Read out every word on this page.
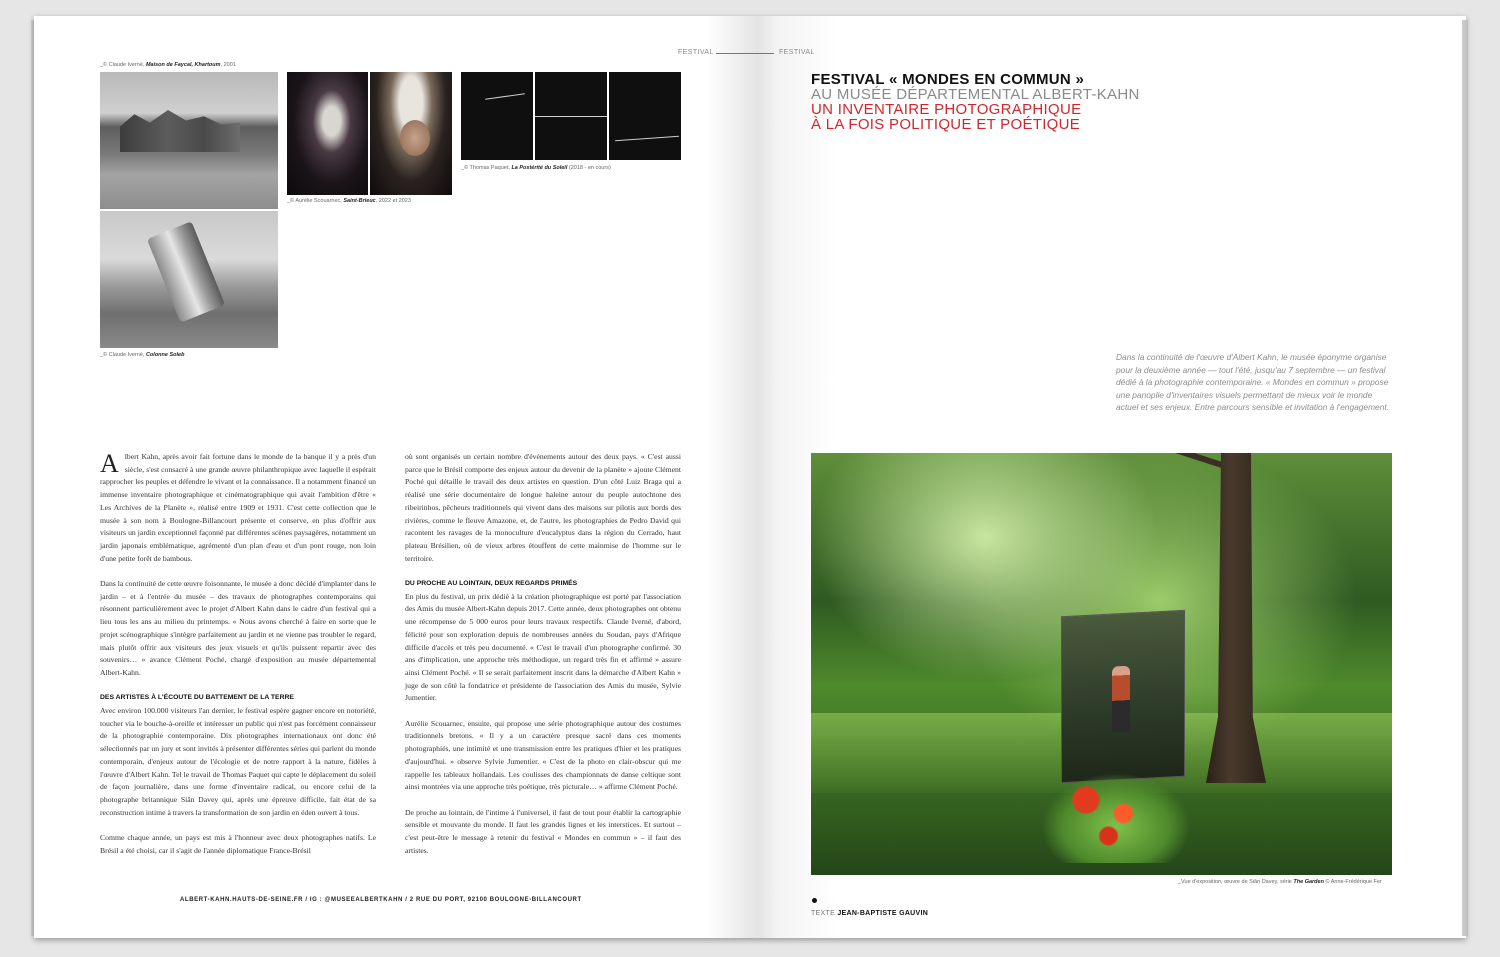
FESTIVAL	FESTIVAL
_© Claude Iverné, Maison de Faycal, Khartoum, 2001
_© Claude Iverné, Colonne Soleb
_© Aurélie Scouarnec, Saint-Brieuc, 2022 et 2023
_© Thomas Paquet, La Postérité du Soleil (2018 - en cours)
FESTIVAL « MONDES EN COMMUN »
AU MUSÉE DÉPARTEMENTAL ALBERT-KAHN
UN INVENTAIRE PHOTOGRAPHIQUE
À LA FOIS POLITIQUE ET POÉTIQUE
Dans la continuité de l'œuvre d'Albert Kahn, le musée éponyme organise pour la deuxième année — tout l'été, jusqu'au 7 septembre — un festival dédié à la photographie contemporaine. « Mondes en commun » propose une panoplie d'inventaires visuels permettant de mieux voir le monde actuel et ses enjeux. Entre parcours sensible et invitation à l'engagement.

Albert Kahn, après avoir fait fortune dans le monde de la banque il y a près d'un siècle, s'est consacré à une grande œuvre philanthropique avec laquelle il espérait rapprocher les peuples et défendre le vivant et la connaissance. Il a notamment financé un immense inventaire photographique et cinématographique qui avait l'ambition d'être « Les Archives de la Planète », réalisé entre 1909 et 1931. C'est cette collection que le musée à son nom à Boulogne-Billancourt présente et conserve, en plus d'offrir aux visiteurs un jardin exceptionnel façonné par différentes scènes paysagères, notamment un jardin japonais emblématique, agrémenté d'un plan d'eau et d'un pont rouge, non loin d'une petite forêt de bambous.

Dans la continuité de cette œuvre foisonnante, le musée a donc décidé d'implanter dans le jardin – et à l'entrée du musée – des travaux de photographes contemporains qui résonnent particulièrement avec le projet d'Albert Kahn dans le cadre d'un festival qui a lieu tous les ans au milieu du printemps. « Nous avons cherché à faire en sorte que le projet scénographique s'intègre parfaitement au jardin et ne vienne pas troubler le regard, mais plutôt offrir aux visiteurs des jeux visuels et qu'ils puissent repartir avec des souvenirs… » avance Clément Poché, chargé d'exposition au musée départemental Albert-Kahn.

DES ARTISTES À L'ÉCOUTE DU BATTEMENT DE LA TERRE

Avec environ 100.000 visiteurs l'an dernier, le festival espère gagner encore en notoriété, toucher via le bouche-à-oreille et intéresser un public qui n'est pas forcément connaisseur de la photographie contemporaine. Dix photographes internationaux ont donc été sélectionnés par un jury et sont invités à présenter différentes séries qui parlent du monde contemporain, d'enjeux autour de l'écologie et de notre rapport à la nature, fidèles à l'œuvre d'Albert Kahn. Tel le travail de Thomas Paquet qui capte le déplacement du soleil de façon journalière, dans une forme d'inventaire radical, ou encore celui de la photographe britannique Siân Davey qui, après une épreuve difficile, fait état de sa reconstruction intime à travers la transformation de son jardin en éden ouvert à tous.

Comme chaque année, un pays est mis à l'honneur avec deux photographes natifs. Le Brésil a été choisi, car il s'agit de l'année diplomatique France-Brésil

où sont organisés un certain nombre d'événements autour des deux pays. « C'est aussi parce que le Brésil comporte des enjeux autour du devenir de la planète » ajoute Clément Poché qui détaille le travail des deux artistes en question. D'un côté Luiz Braga qui a réalisé une série documentaire de longue haleine autour du peuple autochtone des ribeirinhos, pêcheurs traditionnels qui vivent dans des maisons sur pilotis aux bords des rivières, comme le fleuve Amazone, et, de l'autre, les photographies de Pedro David qui racontent les ravages de la monoculture d'eucalyptus dans la région du Cerrado, haut plateau Brésilien, où de vieux arbres étouffent de cette mainmise de l'homme sur le territoire.

DU PROCHE AU LOINTAIN, DEUX REGARDS PRIMÉS

En plus du festival, un prix dédié à la création photographique est porté par l'association des Amis du musée Albert-Kahn depuis 2017. Cette année, deux photographes ont obtenu une récompense de 5 000 euros pour leurs travaux respectifs. Claude Iverné, d'abord, félicité pour son exploration depuis de nombreuses années du Soudan, pays d'Afrique difficile d'accès et très peu documenté. « C'est le travail d'un photographe confirmé. 30 ans d'implication, une approche très méthodique, un regard très fin et affirmé » assure ainsi Clément Poché. « Il se serait parfaitement inscrit dans la démarche d'Albert Kahn » juge de son côté la fondatrice et présidente de l'association des Amis du musée, Sylvie Jumentier.

Aurélie Scouarnec, ensuite, qui propose une série photographique autour des costumes traditionnels bretons. « Il y a un caractère presque sacré dans ces moments photographiés, une intimité et une transmission entre les pratiques d'hier et les pratiques d'aujourd'hui. » observe Sylvie Jumentier. « C'est de la photo en clair-obscur qui me rappelle les tableaux hollandais. Les coulisses des championnats de danse celtique sont ainsi montrées via une approche très poétique, très picturale… » affirme Clément Poché.

De proche au lointain, de l'intime à l'universel, il faut de tout pour établir la cartographie sensible et mouvante du monde. Il faut les grandes lignes et les interstices. Et surtout – c'est peut-être le message à retenir du festival « Mondes en commun » – il faut des artistes.

_Vue d'exposition, œuvre de Siân Davey, série The Garden © Anne-Frédérique Fer
ALBERT-KAHN.HAUTS-DE-SEINE.FR / IG : @MUSEEALBERTKAHN / 2 RUE DU PORT, 92100 BOULOGNE-BILLANCOURT
TEXTE JEAN-BAPTISTE GAUVIN
